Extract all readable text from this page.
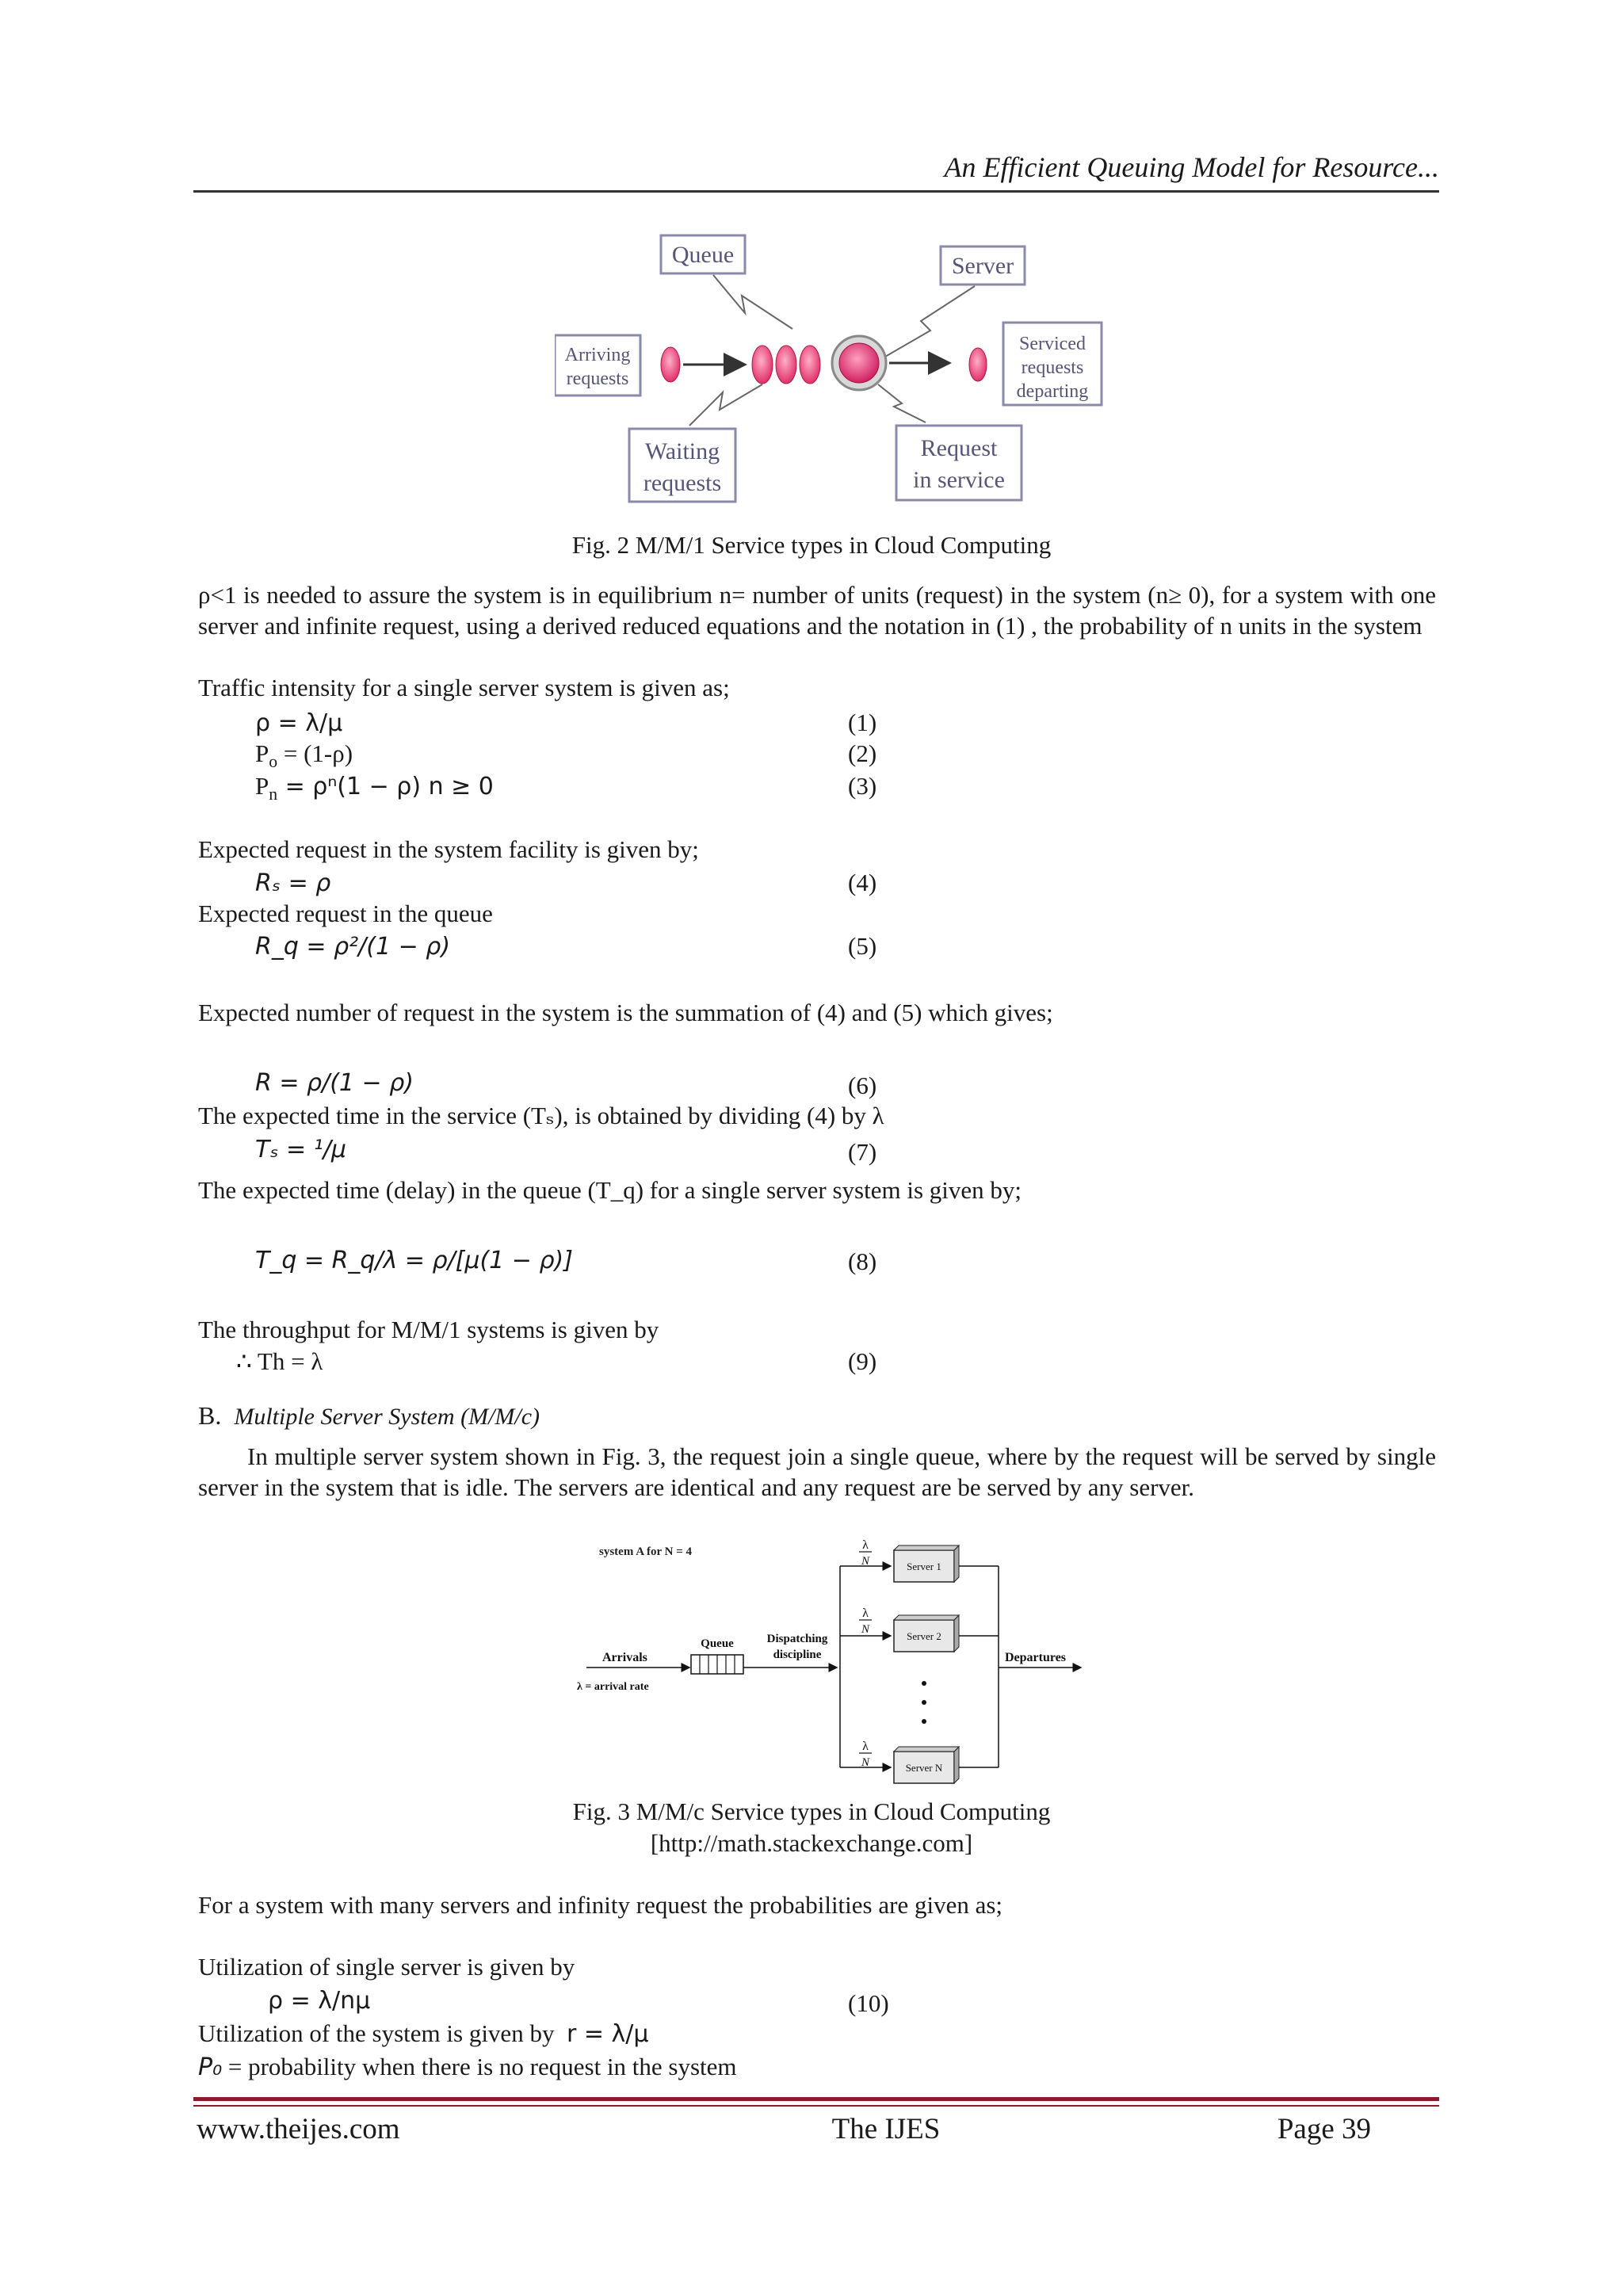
An Efficient Queuing Model for Resource...
Queue	Server
Arriving
requests
Serviced
requests
departing
Waiting
requests
Request
in service
Fig. 2 M/M/1 Service types in Cloud Computing
ρ<1 is needed to assure the system is in equilibrium n= number of units (request) in the system (n≥ 0), for a system with one server and infinite request, using a derived reduced equations and the notation in (1) , the probability of n units in the system
Traffic intensity for a single server system is given as;
ρ = λ/μ	(1)
$P_o = (1-\rho)$	(2)
$P_n = \rho^n(1 - \rho) n \ge 0$	(3)
Expected request in the system facility is given by;
Rₛ = ρ	(4)
Expected request in the queue
R_q = ρ²/(1 − ρ)	(5)
Expected number of request in the system is the summation of (4) and (5) which gives;
R = ρ/(1 − ρ)	(6)
The expected time in the service (Tₛ), is obtained by dividing (4) by λ
Tₛ = ¹/μ	(7)
The expected time (delay) in the queue (T_q) for a single server system is given by;
T_q = R_q/λ = ρ/[μ(1 − ρ)]	(8)
The throughput for M/M/1 systems is given by
∴ Th = λ	(9)
B. Multiple Server System (M/M/c)
In multiple server system shown in Fig. 3, the request join a single queue, where by the request will be served by single server in the system that is idle. The servers are identical and any request are be served by any server.
system A for N = 4	λ
N
λ
N
λ
N
Server 1
Server 2
Server N
Departures
Queue
Arrivals
λ = arrival rate
Dispatching
discipline
Fig. 3 M/M/c Service types in Cloud Computing
[http://math.stackexchange.com]
For a system with many servers and infinity request the probabilities are given as;
Utilization of single server is given by
ρ = λ/nμ	(10)
Utilization of the system is given by r = λ/μ
P₀ = probability when there is no request in the system
www.theijes.com	The IJES	Page 39
